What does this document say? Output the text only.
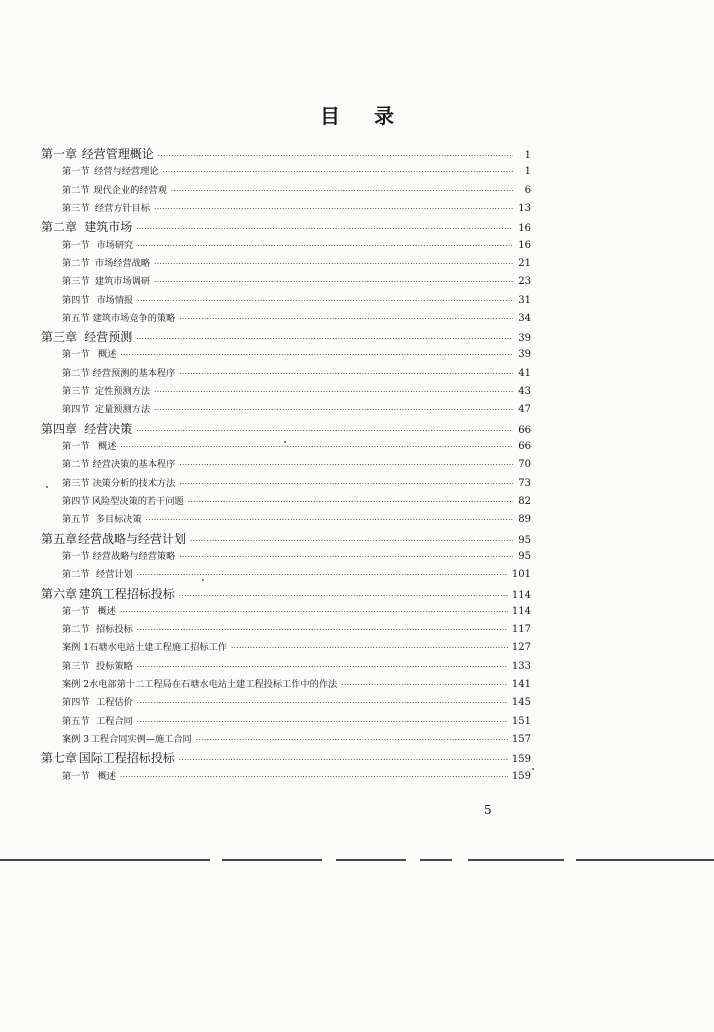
目 录
第一章 经营管理概论 ·····	1
第一节 经营与经营理论 ·····	1
第二节 现代企业的经营观 ·····	6
第三节 经营方针目标 ·····	13
第二章 建筑市场 ·····	16
第一节 市场研究 ·····	16
第二节 市场经营战略 ·····	21
第三节 建筑市场调研 ·····	23
第四节 市场情报 ·····	31
第五节 建筑市场竞争的策略 ·····	34
第三章 经营预测 ·····	39
第一节 概述 ·····	39
第二节 经营预测的基本程序 ·····	41
第三节 定性预测方法 ·····	43
第四节 定量预测方法 ·····	47
第四章 经营决策 ·····	66
第一节 概述 ·····	66
第二节 经营决策的基本程序 ·····	70
第三节 决策分析的技术方法 ·····	73
第四节 风险型决策的若干问题 ·····	82
第五节 多目标决策 ·····	89
第五章 经营战略与经营计划 ·····	95
第一节 经营战略与经营策略 ·····	95
第二节 经营计划 ·····	101
第六章 建筑工程招标投标 ·····	114
第一节 概述 ·····	114
第二节 招标投标 ·····	117
案例 1 石塘水电站土建工程施工招标工作 ·····	127
第三节 投标策略 ·····	133
案例 2 水电部第十二工程局在石塘水电站土建工程投标工作中的作法 ·····	141
第四节 工程估价 ·····	145
第五节 工程合同 ·····	151
案例 3 工程合同实例—施工合同 ·····	157
第七章 国际工程招标投标 ·····	159
第一节 概述 ·····	159
5
